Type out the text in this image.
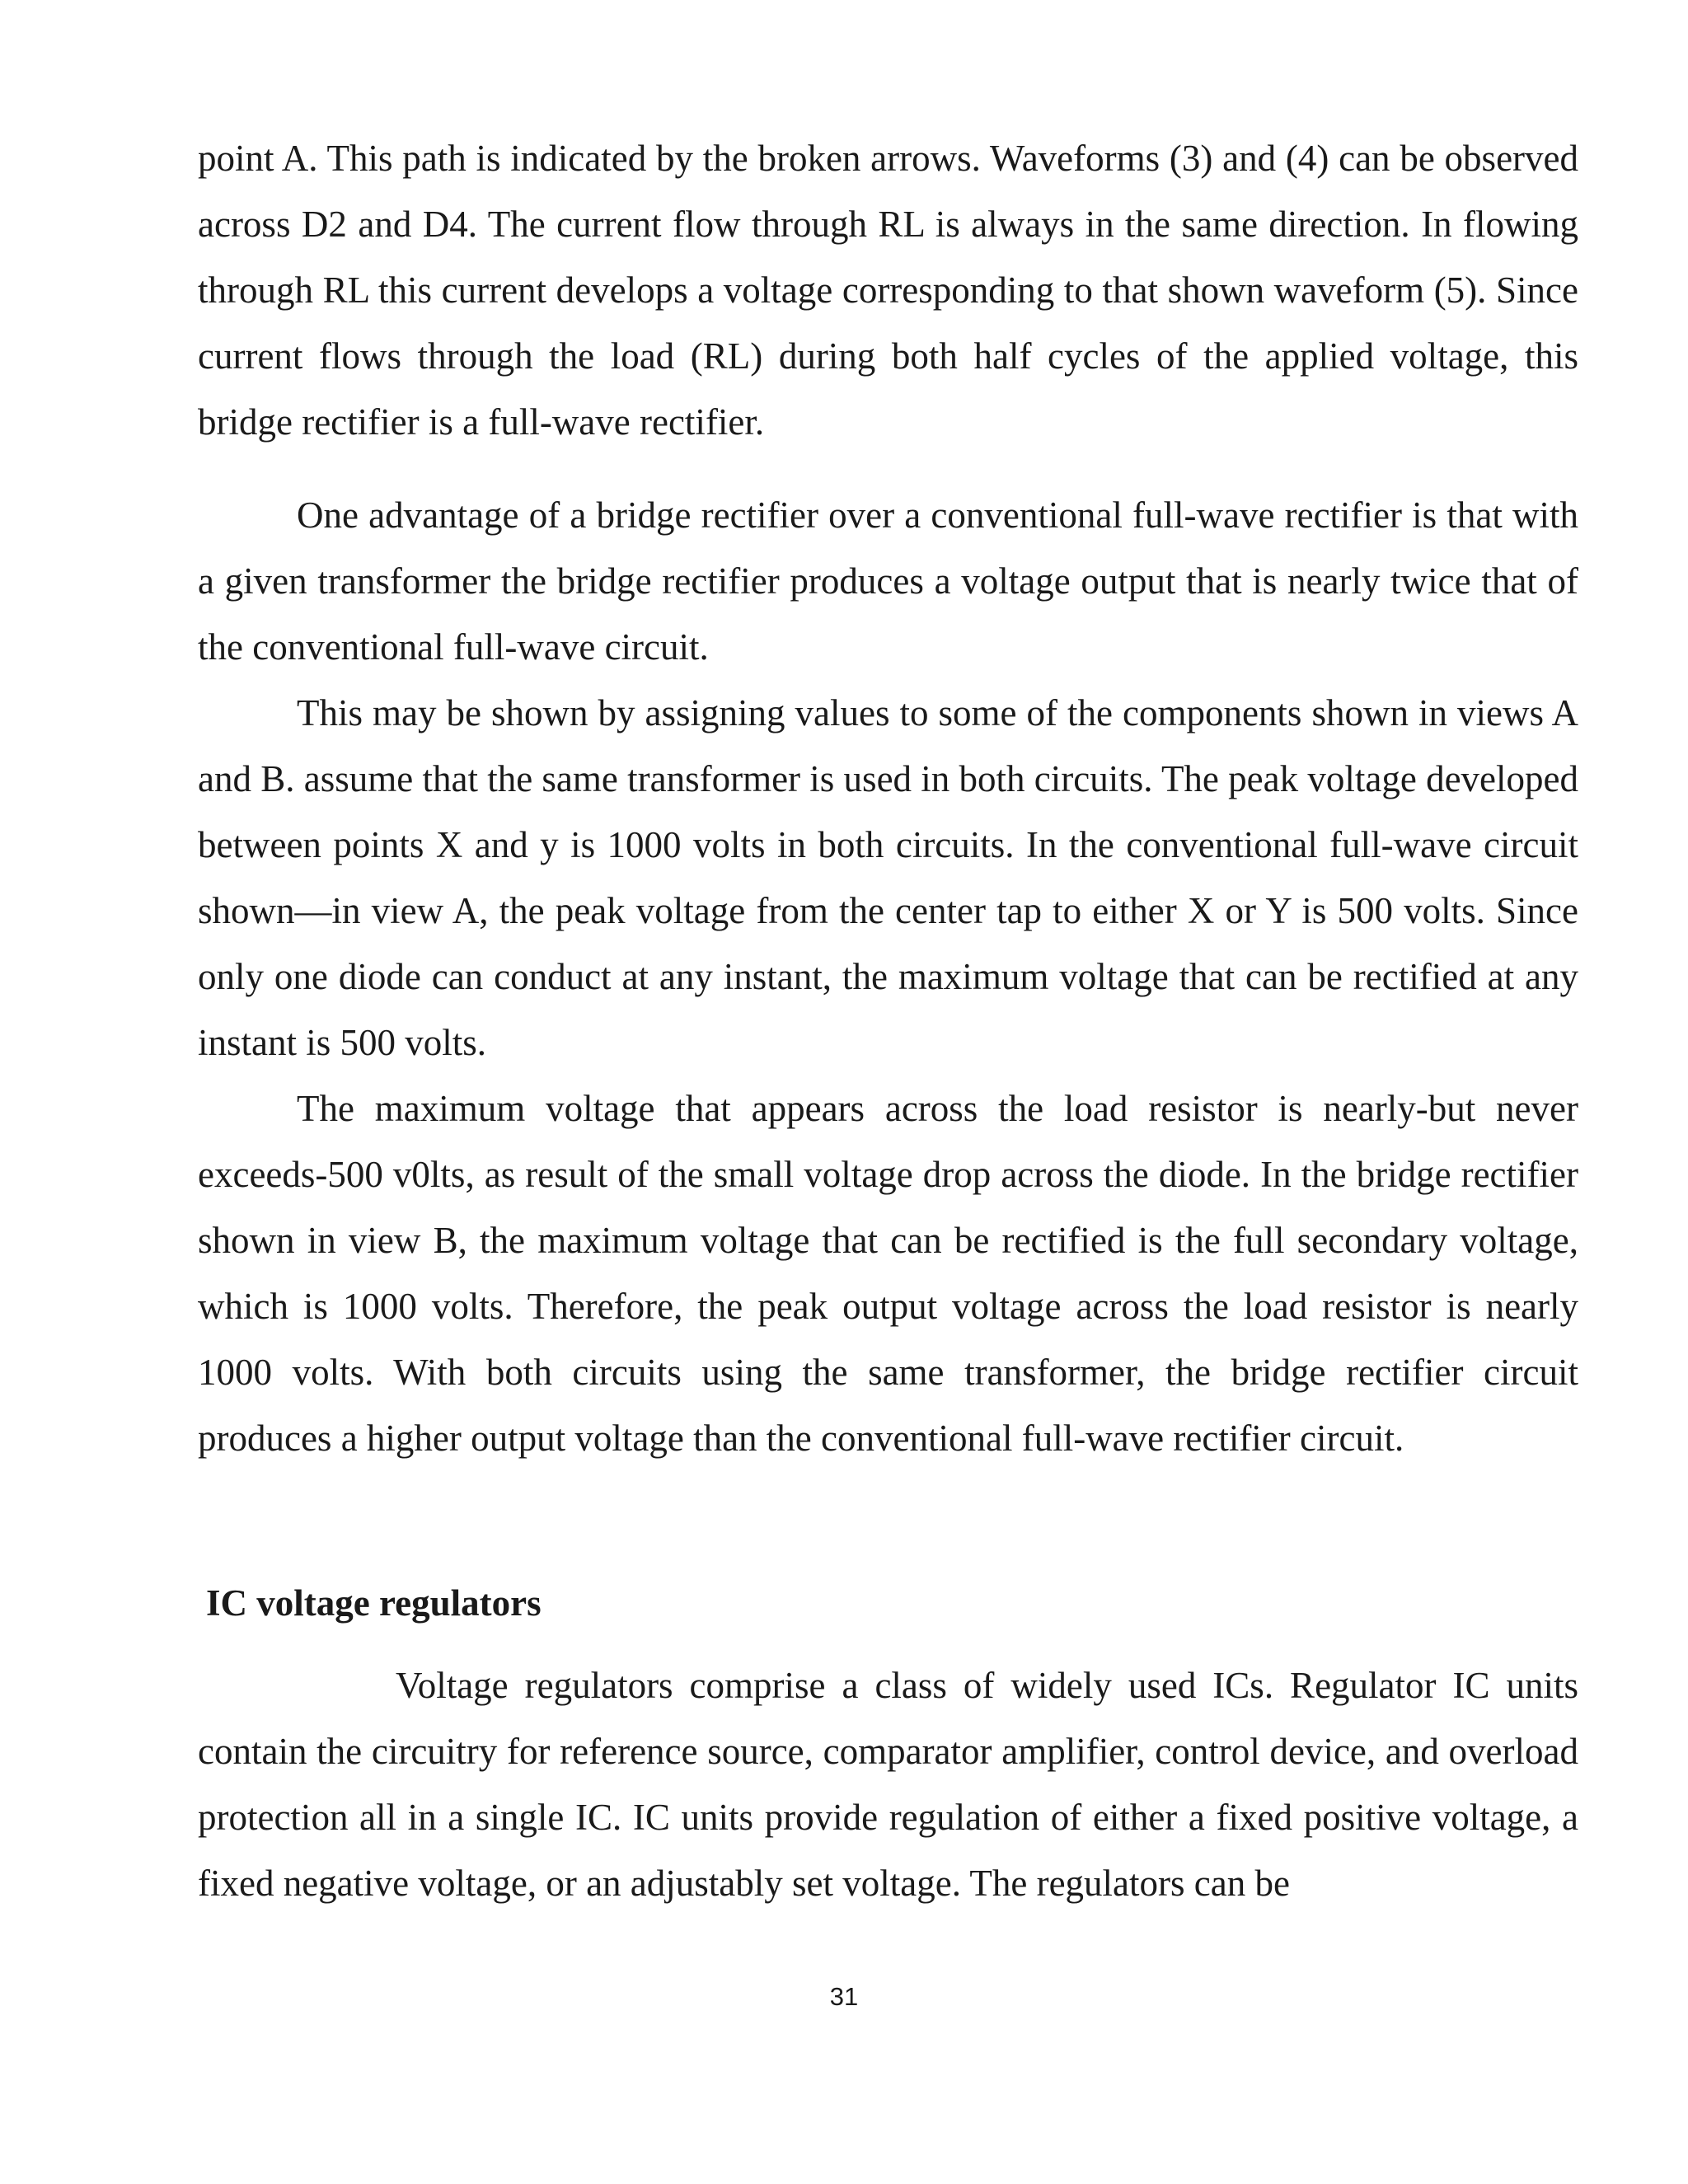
point A. This path is indicated by the broken arrows. Waveforms (3) and (4) can be observed across D2 and D4. The current flow through RL is always in the same direction. In flowing through RL this current develops a voltage corresponding to that shown waveform (5). Since current flows through the load (RL) during both half cycles of the applied voltage, this bridge rectifier is a full-wave rectifier.

One advantage of a bridge rectifier over a conventional full-wave rectifier is that with a given transformer the bridge rectifier produces a voltage output that is nearly twice that of the conventional full-wave circuit.

This may be shown by assigning values to some of the components shown in views A and B. assume that the same transformer is used in both circuits. The peak voltage developed between points X and y is 1000 volts in both circuits. In the conventional full-wave circuit shown—in view A, the peak voltage from the center tap to either X or Y is 500 volts. Since only one diode can conduct at any instant, the maximum voltage that can be rectified at any instant is 500 volts.

The maximum voltage that appears across the load resistor is nearly-but never exceeds-500 v0lts, as result of the small voltage drop across the diode. In the bridge rectifier shown in view B, the maximum voltage that can be rectified is the full secondary voltage, which is 1000 volts. Therefore, the peak output voltage across the load resistor is nearly 1000 volts. With both circuits using the same transformer, the bridge rectifier circuit produces a higher output voltage than the conventional full-wave rectifier circuit.

IC voltage regulators

Voltage regulators comprise a class of widely used ICs. Regulator IC units contain the circuitry for reference source, comparator amplifier, control device, and overload protection all in a single IC. IC units provide regulation of either a fixed positive voltage, a fixed negative voltage, or an adjustably set voltage. The regulators can be

31
